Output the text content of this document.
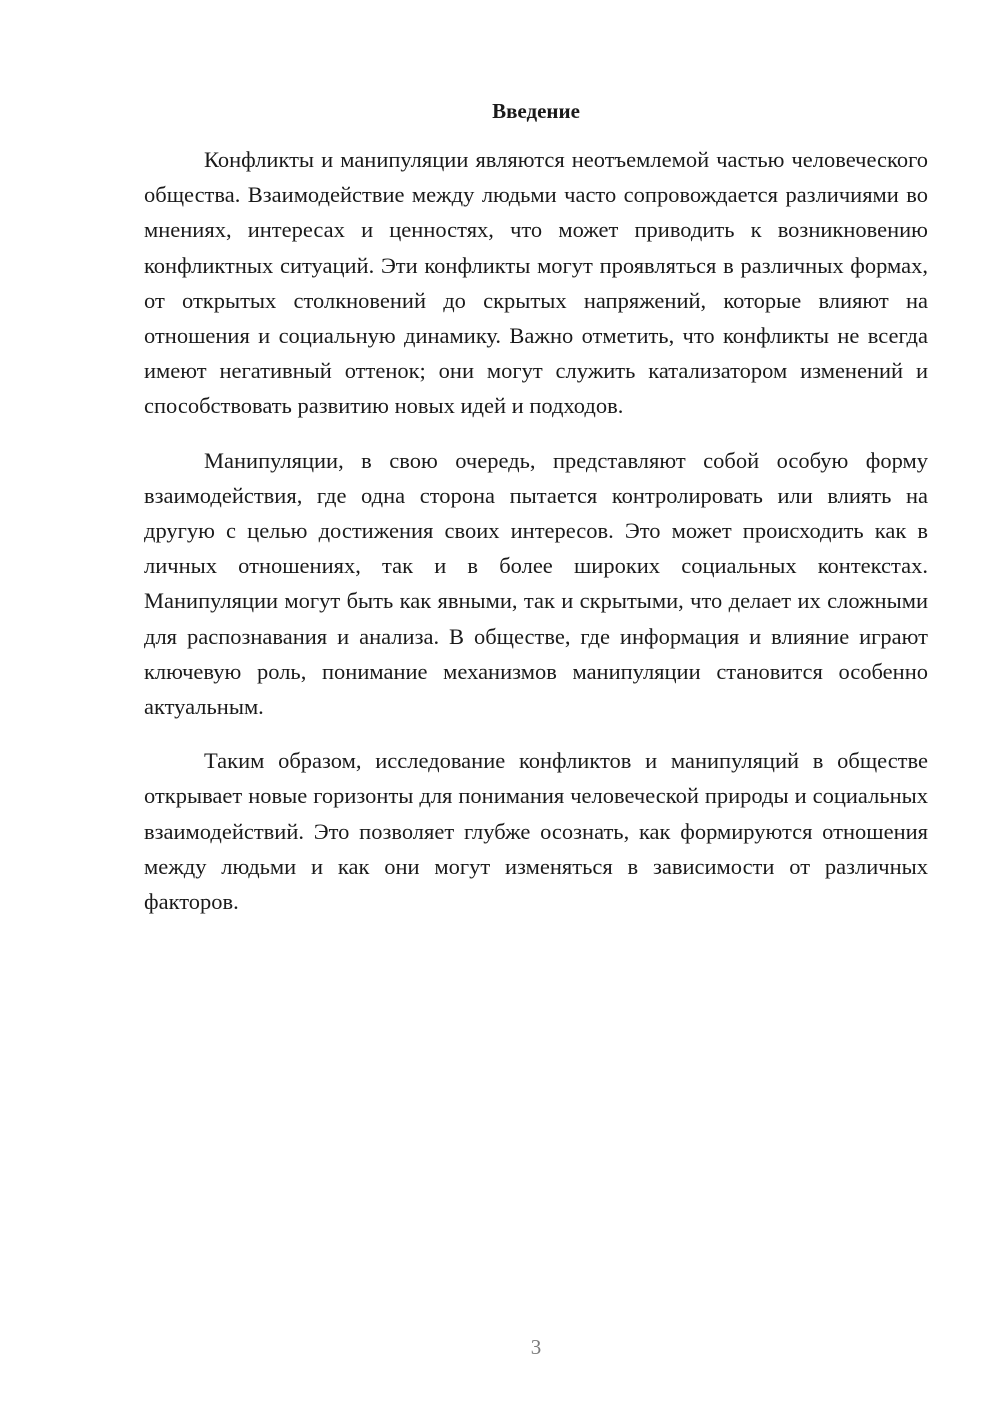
Введение

Конфликты и манипуляции являются неотъемлемой частью человеческого общества. Взаимодействие между людьми часто сопровождается различиями во мнениях, интересах и ценностях, что может приводить к возникновению конфликтных ситуаций. Эти конфликты могут проявляться в различных формах, от открытых столкновений до скрытых напряжений, которые влияют на отношения и социальную динамику. Важно отметить, что конфликты не всегда имеют негативный оттенок; они могут служить катализатором изменений и способствовать развитию новых идей и подходов.

Манипуляции, в свою очередь, представляют собой особую форму взаимодействия, где одна сторона пытается контролировать или влиять на другую с целью достижения своих интересов. Это может происходить как в личных отношениях, так и в более широких социальных контекстах. Манипуляции могут быть как явными, так и скрытыми, что делает их сложными для распознавания и анализа. В обществе, где информация и влияние играют ключевую роль, понимание механизмов манипуляции становится особенно актуальным.

Таким образом, исследование конфликтов и манипуляций в обществе открывает новые горизонты для понимания человеческой природы и социальных взаимодействий. Это позволяет глубже осознать, как формируются отношения между людьми и как они могут изменяться в зависимости от различных факторов.

3
